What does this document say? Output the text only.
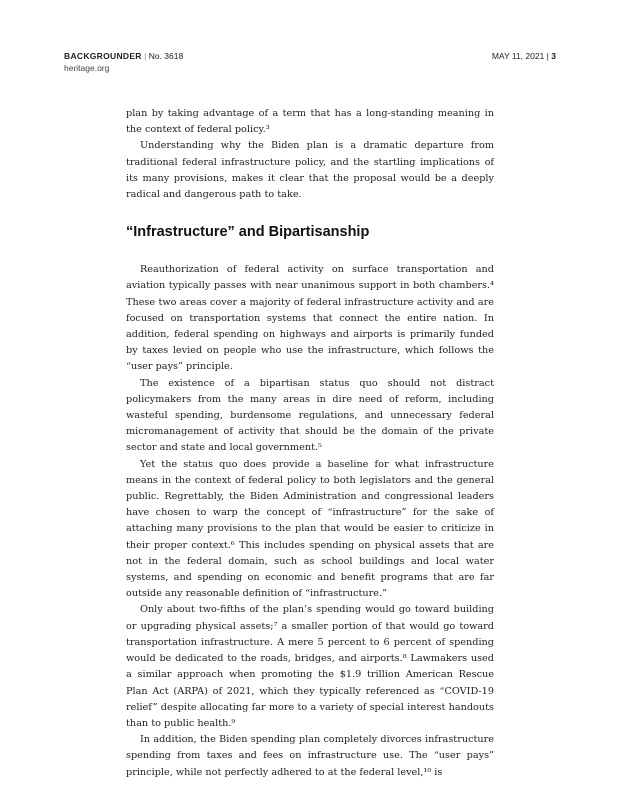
BACKGROUNDER | No. 3618
heritage.org
MAY 11, 2021 | 3

plan by taking advantage of a term that has a long-standing meaning in the context of federal policy.³

Understanding why the Biden plan is a dramatic departure from traditional federal infrastructure policy, and the startling implications of its many provisions, makes it clear that the proposal would be a deeply radical and dangerous path to take.

“Infrastructure” and Bipartisanship

Reauthorization of federal activity on surface transportation and aviation typically passes with near unanimous support in both chambers.⁴ These two areas cover a majority of federal infrastructure activity and are focused on transportation systems that connect the entire nation. In addition, federal spending on highways and airports is primarily funded by taxes levied on people who use the infrastructure, which follows the “user pays” principle.

The existence of a bipartisan status quo should not distract policymakers from the many areas in dire need of reform, including wasteful spending, burdensome regulations, and unnecessary federal micromanagement of activity that should be the domain of the private sector and state and local government.⁵

Yet the status quo does provide a baseline for what infrastructure means in the context of federal policy to both legislators and the general public. Regrettably, the Biden Administration and congressional leaders have chosen to warp the concept of “infrastructure” for the sake of attaching many provisions to the plan that would be easier to criticize in their proper context.⁶ This includes spending on physical assets that are not in the federal domain, such as school buildings and local water systems, and spending on economic and benefit programs that are far outside any reasonable definition of “infrastructure.”

Only about two-fifths of the plan’s spending would go toward building or upgrading physical assets;⁷ a smaller portion of that would go toward transportation infrastructure. A mere 5 percent to 6 percent of spending would be dedicated to the roads, bridges, and airports.⁸ Lawmakers used a similar approach when promoting the $1.9 trillion American Rescue Plan Act (ARPA) of 2021, which they typically referenced as “COVID-19 relief” despite allocating far more to a variety of special interest handouts than to public health.⁹

In addition, the Biden spending plan completely divorces infrastructure spending from taxes and fees on infrastructure use. The “user pays” principle, while not perfectly adhered to at the federal level,¹⁰ is
